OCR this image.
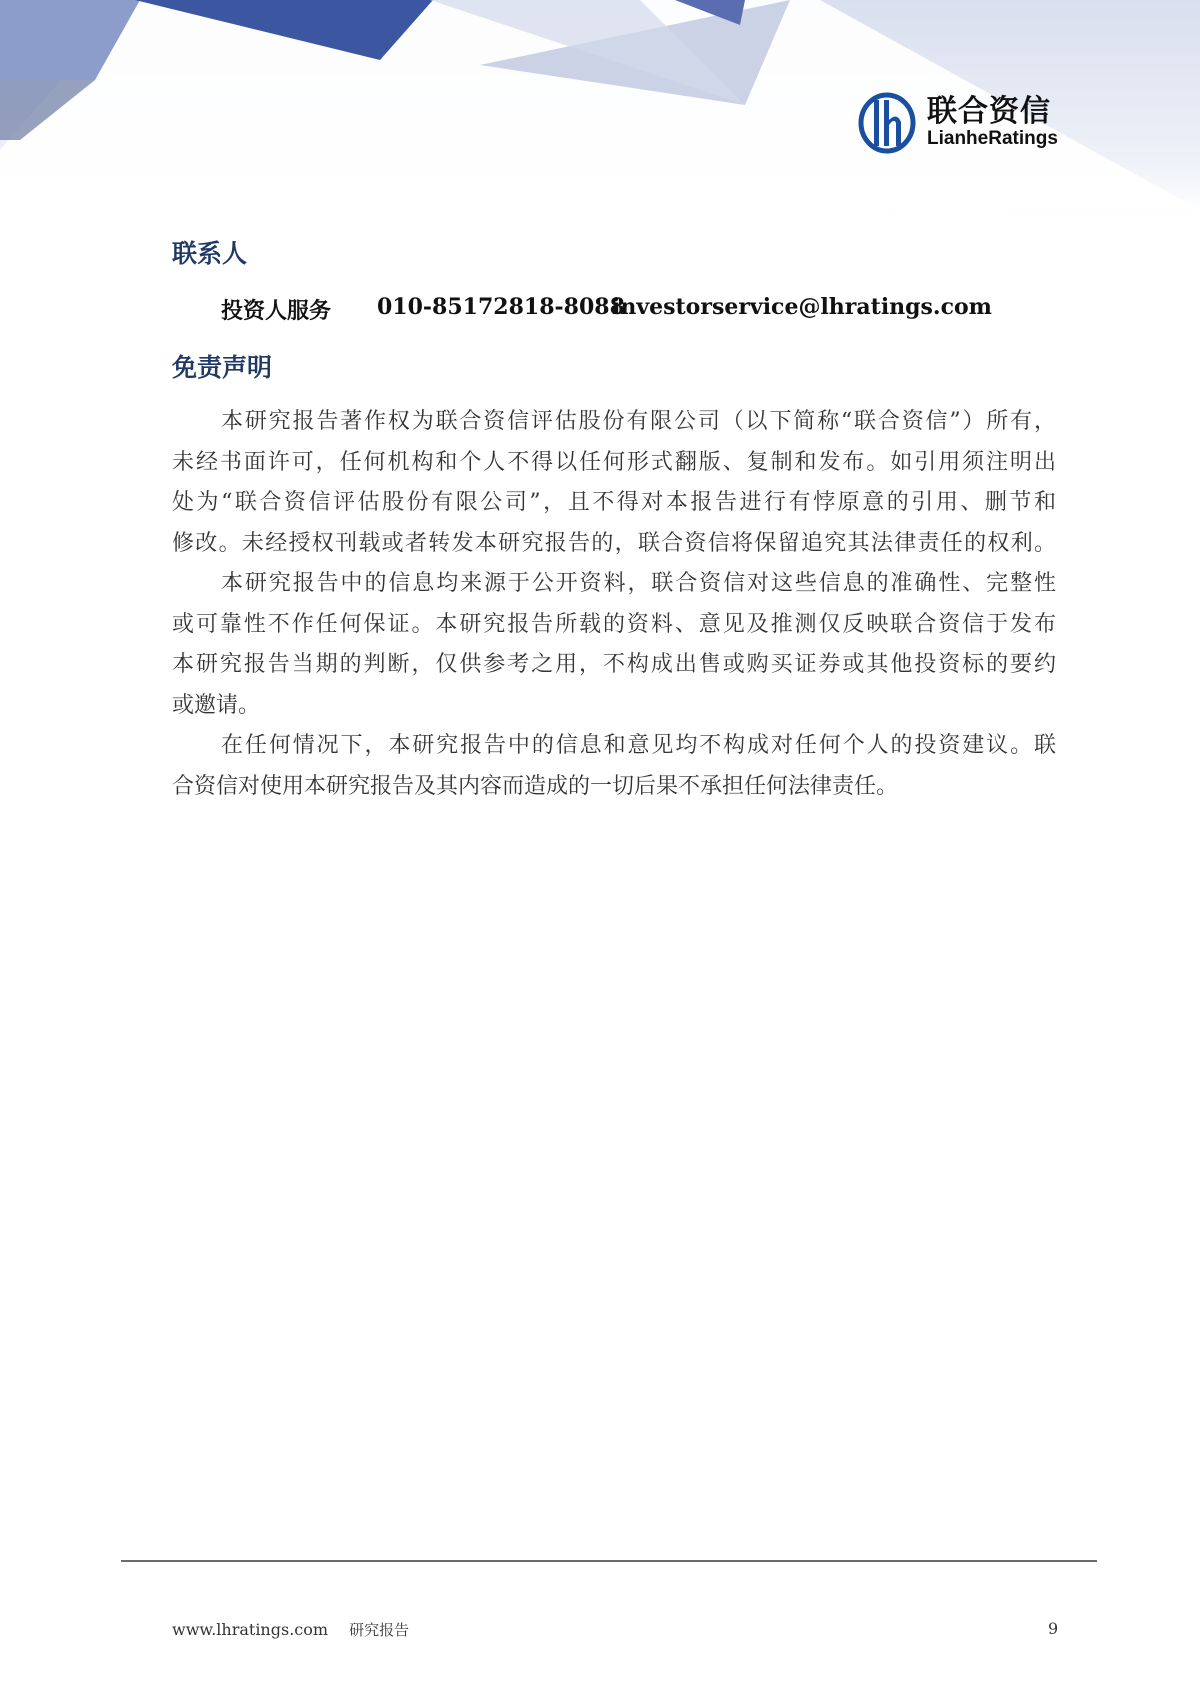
联合资信
LianheRatings
联系人
投资人服务	010-85172818-8088
investorservice@lhratings.com
免责声明
本研究报告著作权为联合资信评估股份有限公司（以下简称“联合资信”）所有，
未经书面许可，任何机构和个人不得以任何形式翻版、复制和发布。如引用须注明出
处为“联合资信评估股份有限公司”，且不得对本报告进行有悖原意的引用、删节和
修改。未经授权刊载或者转发本研究报告的，联合资信将保留追究其法律责任的权利。
本研究报告中的信息均来源于公开资料，联合资信对这些信息的准确性、完整性
或可靠性不作任何保证。本研究报告所载的资料、意见及推测仅反映联合资信于发布
本研究报告当期的判断，仅供参考之用，不构成出售或购买证券或其他投资标的要约
或邀请。
在任何情况下，本研究报告中的信息和意见均不构成对任何个人的投资建议。联
合资信对使用本研究报告及其内容而造成的一切后果不承担任何法律责任。
www.lhratings.com 研究报告	9
